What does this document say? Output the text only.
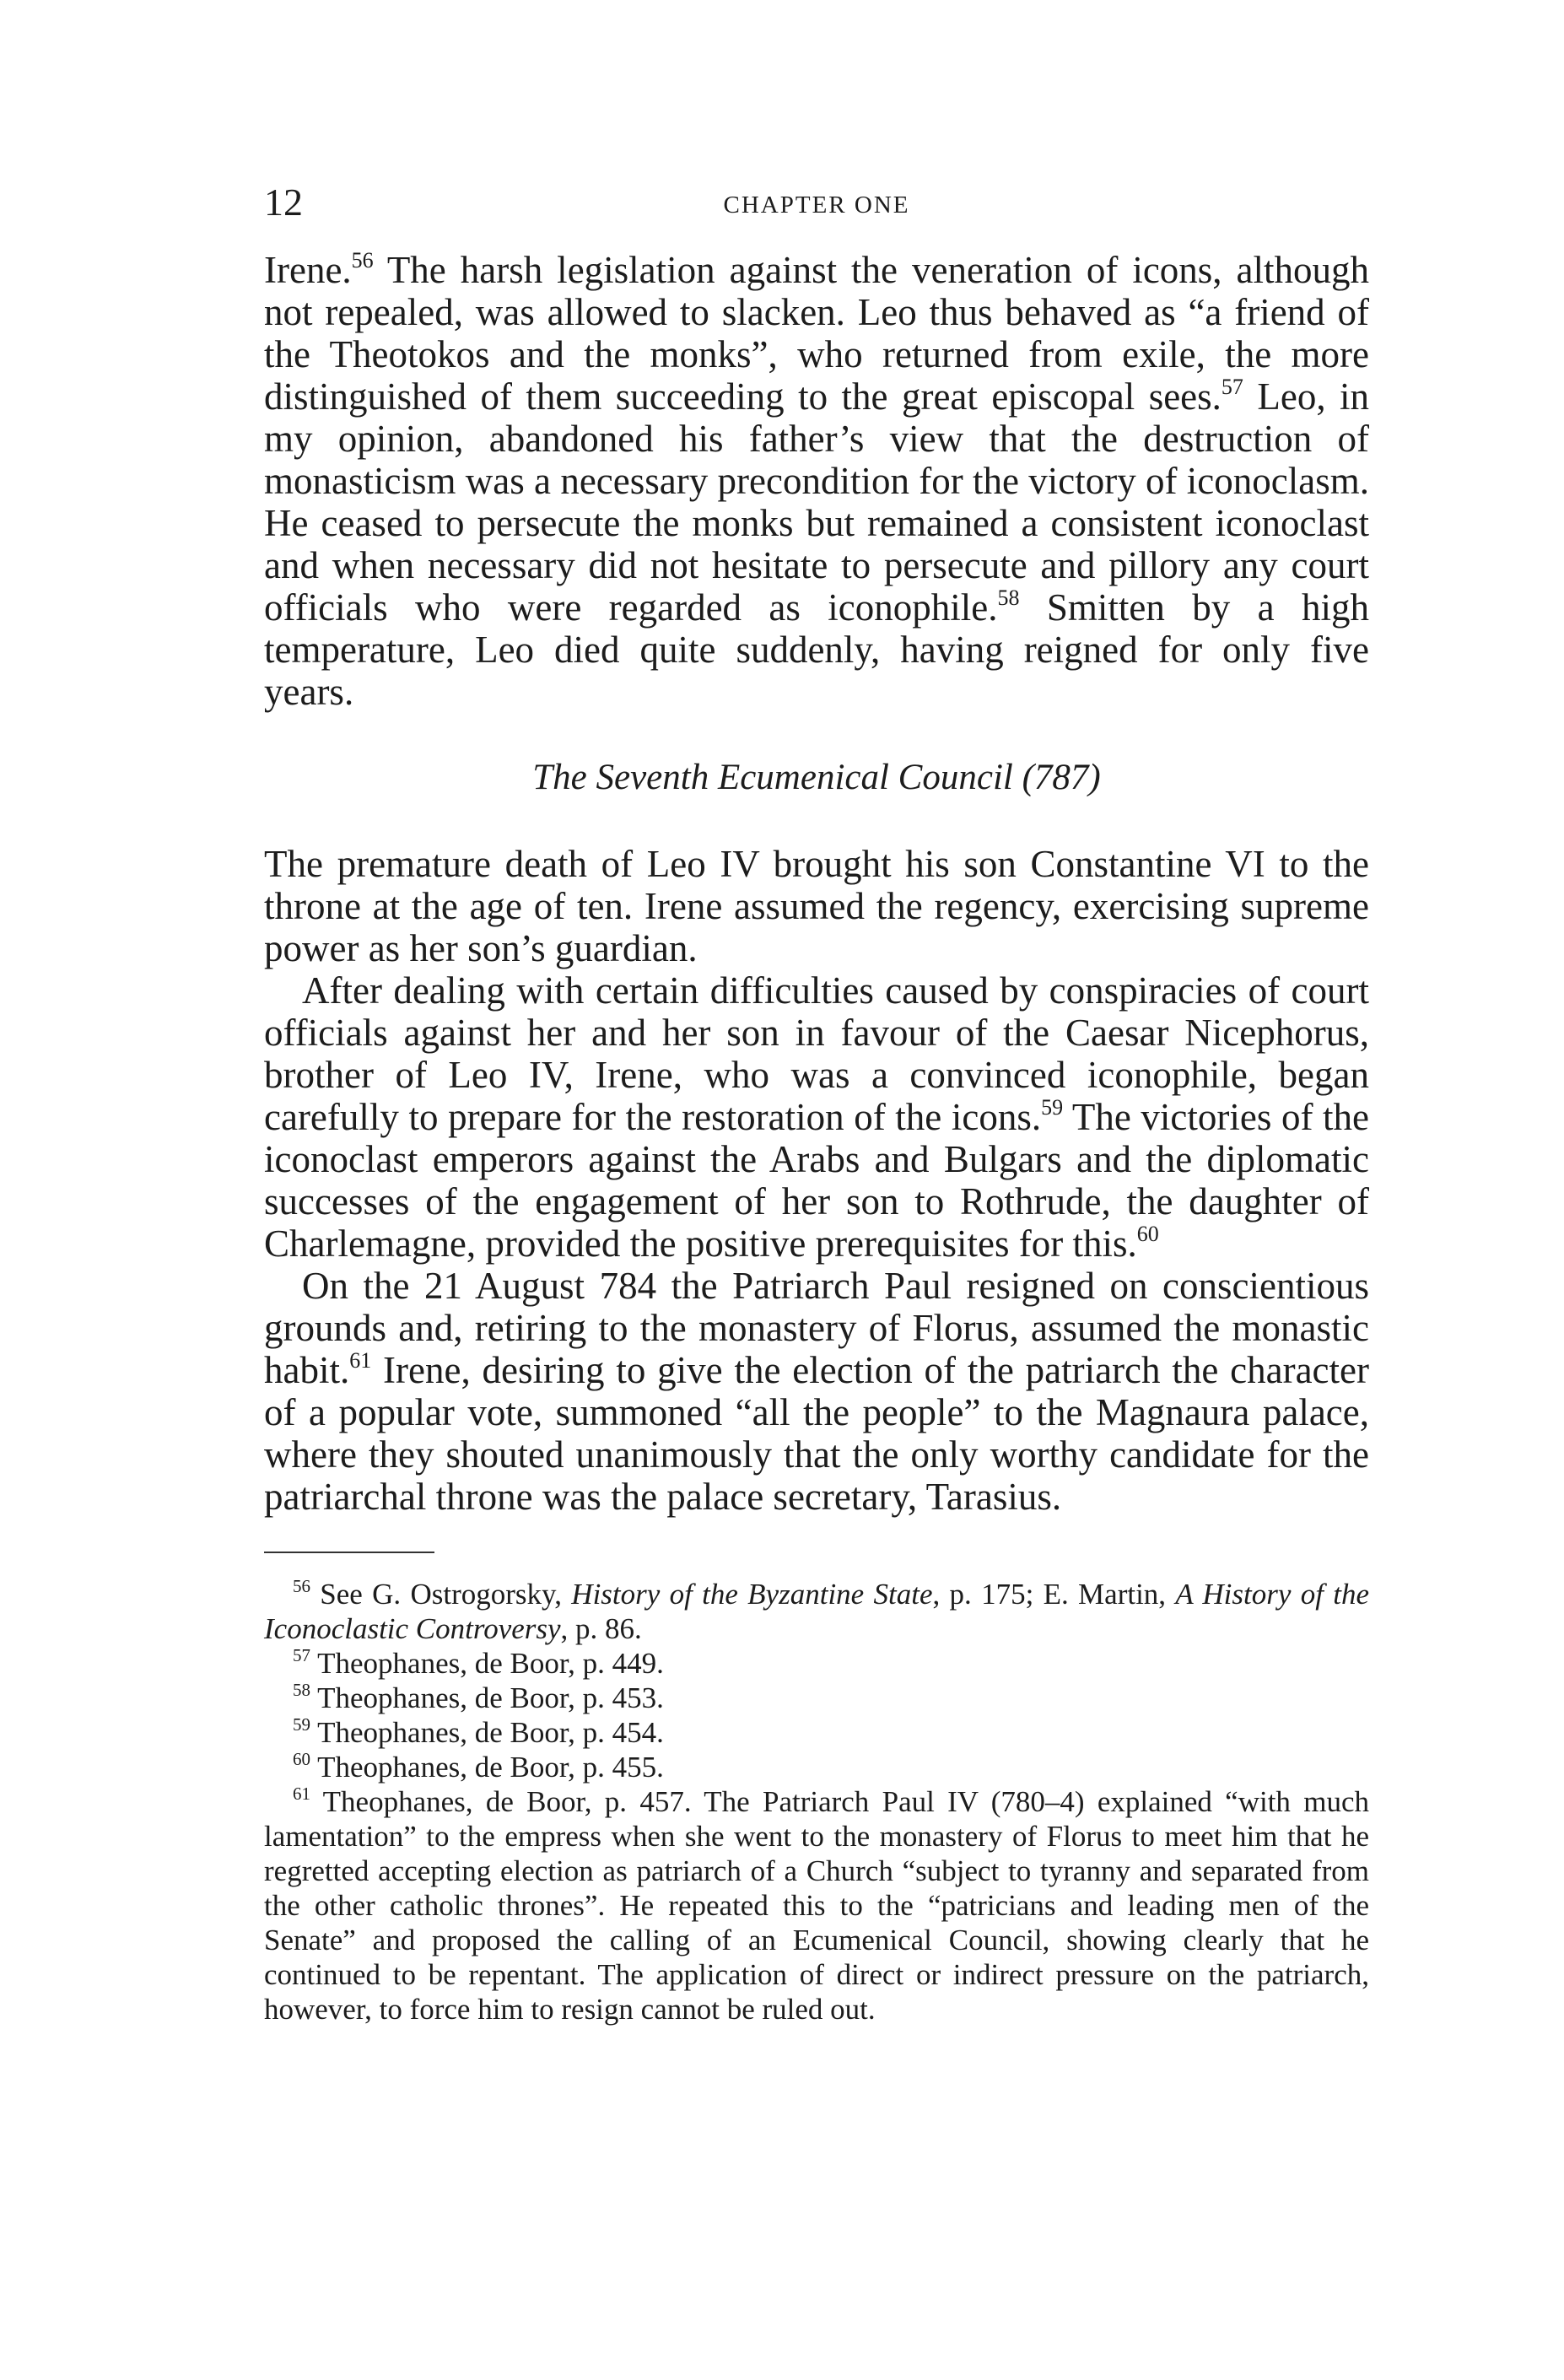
12	CHAPTER ONE

Irene.$^{56}$ The harsh legislation against the veneration of icons, although not repealed, was allowed to slacken. Leo thus behaved as “a friend of the Theotokos and the monks”, who returned from exile, the more distinguished of them succeeding to the great episcopal sees.$^{57}$ Leo, in my opinion, abandoned his father’s view that the destruction of monasticism was a necessary precondition for the victory of iconoclasm. He ceased to persecute the monks but remained a consistent iconoclast and when necessary did not hesitate to persecute and pillory any court officials who were regarded as iconophile.$^{58}$ Smitten by a high temperature, Leo died quite suddenly, having reigned for only five years.

The Seventh Ecumenical Council (787)

The premature death of Leo IV brought his son Constantine VI to the throne at the age of ten. Irene assumed the regency, exercising supreme power as her son’s guardian.

After dealing with certain difficulties caused by conspiracies of court officials against her and her son in favour of the Caesar Nicephorus, brother of Leo IV, Irene, who was a convinced iconophile, began carefully to prepare for the restoration of the icons.$^{59}$ The victories of the iconoclast emperors against the Arabs and Bulgars and the diplomatic successes of the engagement of her son to Rothrude, the daughter of Charlemagne, provided the positive prerequisites for this.$^{60}$

On the 21 August 784 the Patriarch Paul resigned on conscientious grounds and, retiring to the monastery of Florus, assumed the monastic habit.$^{61}$ Irene, desiring to give the election of the patriarch the character of a popular vote, summoned “all the people” to the Magnaura palace, where they shouted unanimously that the only worthy candidate for the patriarchal throne was the palace secretary, Tarasius.

$^{56}$ See G. Ostrogorsky, History of the Byzantine State, p. 175; E. Martin, A History of the Iconoclastic Controversy, p. 86.

$^{57}$ Theophanes, de Boor, p. 449.

$^{58}$ Theophanes, de Boor, p. 453.

$^{59}$ Theophanes, de Boor, p. 454.

$^{60}$ Theophanes, de Boor, p. 455.

$^{61}$ Theophanes, de Boor, p. 457. The Patriarch Paul IV (780–4) explained “with much lamentation” to the empress when she went to the monastery of Florus to meet him that he regretted accepting election as patriarch of a Church “subject to tyranny and separated from the other catholic thrones”. He repeated this to the “patricians and leading men of the Senate” and proposed the calling of an Ecumenical Council, showing clearly that he continued to be repentant. The application of direct or indirect pressure on the patriarch, however, to force him to resign cannot be ruled out.
